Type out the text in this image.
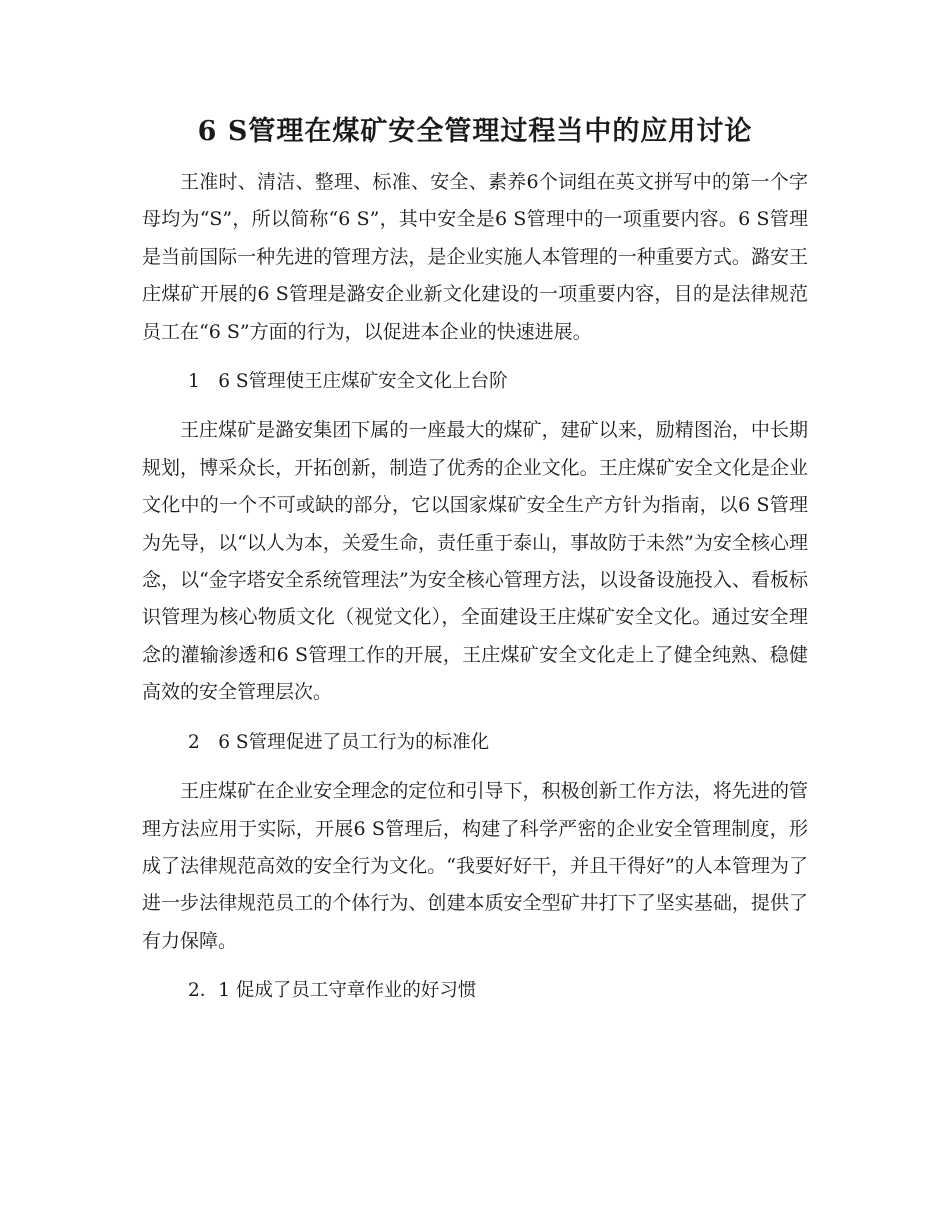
6 S管理在煤矿安全管理过程当中的应用讨论

王准时、清洁、整理、标准、安全、素养6个词组在英文拼写中的第一个字母均为“S”，所以简称“6 S”，其中安全是6 S管理中的一项重要内容。6 S管理是当前国际一种先进的管理方法，是企业实施人本管理的一种重要方式。潞安王庄煤矿开展的6 S管理是潞安企业新文化建设的一项重要内容，目的是法律规范员工在“6 S”方面的行为，以促进本企业的快速进展。

1　6 S管理使王庄煤矿安全文化上台阶

王庄煤矿是潞安集团下属的一座最大的煤矿，建矿以来，励精图治，中长期规划，博采众长，开拓创新，制造了优秀的企业文化。王庄煤矿安全文化是企业文化中的一个不可或缺的部分，它以国家煤矿安全生产方针为指南，以6 S管理为先导，以“以人为本，关爱生命，责任重于泰山，事故防于未然”为安全核心理念，以“金字塔安全系统管理法”为安全核心管理方法，以设备设施投入、看板标识管理为核心物质文化（视觉文化），全面建设王庄煤矿安全文化。通过安全理念的灌输渗透和6 S管理工作的开展，王庄煤矿安全文化走上了健全纯熟、稳健高效的安全管理层次。

2　6 S管理促进了员工行为的标准化

王庄煤矿在企业安全理念的定位和引导下，积极创新工作方法，将先进的管理方法应用于实际，开展6 S管理后，构建了科学严密的企业安全管理制度，形成了法律规范高效的安全行为文化。“我要好好干，并且干得好”的人本管理为了进一步法律规范员工的个体行为、创建本质安全型矿井打下了坚实基础，提供了有力保障。

2．1 促成了员工守章作业的好习惯
